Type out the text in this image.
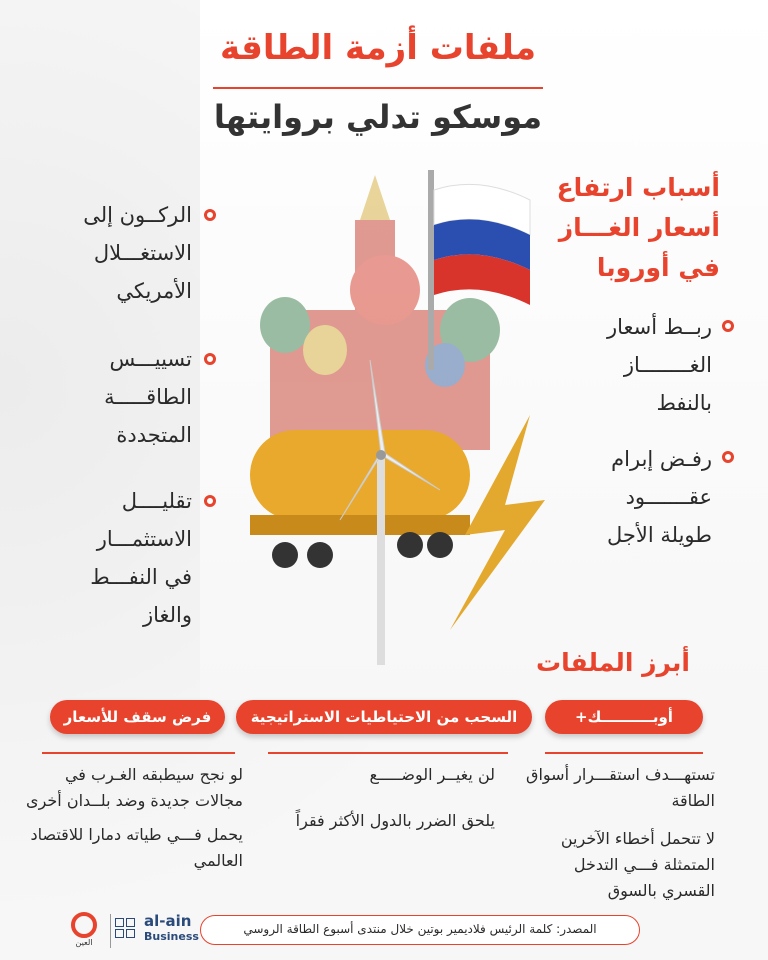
ملفات أزمة الطاقة
موسكو تدلي بروايتها
أسباب ارتفاع
أسعار الغـــاز
في أوروبا
ربــط أسعار
الغــــــــاز
بالنفط
رفـض إبرام
عقـــــــود
طويلة الأجل
الركــون إلى
الاستغـــلال
الأمريكي
تسييـــس
الطاقـــــة
المتجددة
تقليــــل
الاستثمـــار
في النفـــط
والغاز
أبرز الملفات
أوبــــــــــك+
السحب من الاحتياطيات الاستراتيجية
فرض سقف للأسعار
تستهـــدف استقـــرار أسواق الطاقة
لا تتحمل أخطاء الآخرين المتمثلة فـــي التدخل القسري بالسوق
لن يغيــر الوضـــــع
يلحق الضرر بالدول الأكثر فقراً
لو نجح سيطبقه الغـرب في مجالات جديدة وضد بلــدان أخرى
يحمل فـــي طياته دمارا للاقتصاد العالمي
العين

al-ain
Business
المصدر: كلمة الرئيس فلاديمير بوتين خلال منتدى أسبوع الطاقة الروسي
